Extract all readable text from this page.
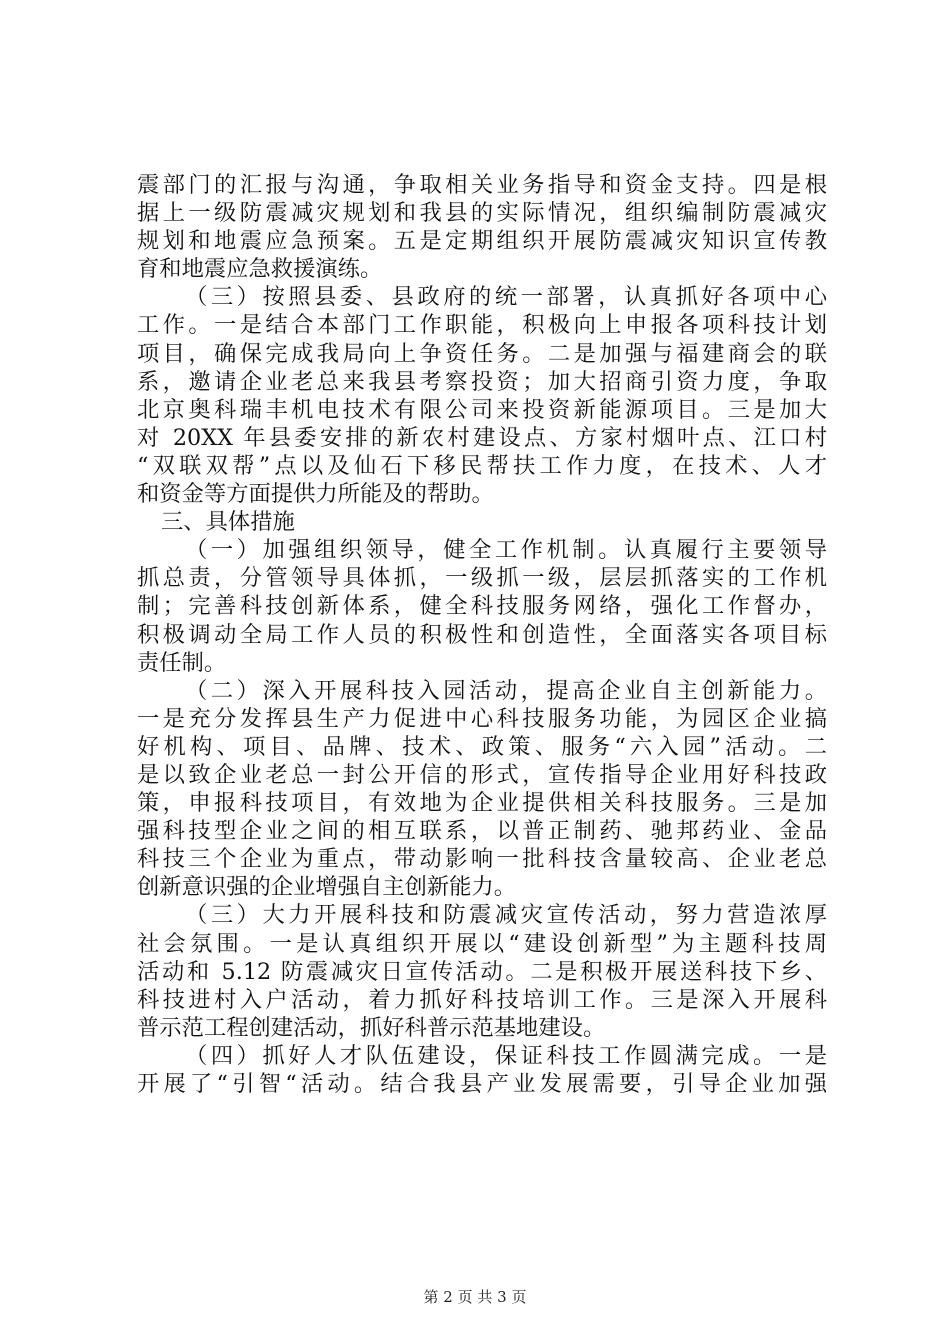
震部门的汇报与沟通，争取相关业务指导和资金支持。四是根
据上一级防震减灾规划和我县的实际情况，组织编制防震减灾
规划和地震应急预案。五是定期组织开展防震减灾知识宣传教
育和地震应急救援演练。
（三）按照县委、县政府的统一部署，认真抓好各项中心
工作。一是结合本部门工作职能，积极向上申报各项科技计划
项目，确保完成我局向上争资任务。二是加强与福建商会的联
系，邀请企业老总来我县考察投资；加大招商引资力度，争取
北京奥科瑞丰机电技术有限公司来投资新能源项目。三是加大
对 20XX 年县委安排的新农村建设点、方家村烟叶点、江口村
“双联双帮”点以及仙石下移民帮扶工作力度，在技术、人才
和资金等方面提供力所能及的帮助。
三、具体措施
（一）加强组织领导，健全工作机制。认真履行主要领导
抓总责，分管领导具体抓，一级抓一级，层层抓落实的工作机
制；完善科技创新体系，健全科技服务网络，强化工作督办，
积极调动全局工作人员的积极性和创造性，全面落实各项目标
责任制。
（二）深入开展科技入园活动，提高企业自主创新能力。
一是充分发挥县生产力促进中心科技服务功能，为园区企业搞
好机构、项目、品牌、技术、政策、服务“六入园”活动。二
是以致企业老总一封公开信的形式，宣传指导企业用好科技政
策，申报科技项目，有效地为企业提供相关科技服务。三是加
强科技型企业之间的相互联系，以普正制药、驰邦药业、金品
科技三个企业为重点，带动影响一批科技含量较高、企业老总
创新意识强的企业增强自主创新能力。
（三）大力开展科技和防震减灾宣传活动，努力营造浓厚
社会氛围。一是认真组织开展以“建设创新型”为主题科技周
活动和 5.12 防震减灾日宣传活动。二是积极开展送科技下乡、
科技进村入户活动，着力抓好科技培训工作。三是深入开展科
普示范工程创建活动，抓好科普示范基地建设。
（四）抓好人才队伍建设，保证科技工作圆满完成。一是
开展了“引智“活动。结合我县产业发展需要，引导企业加强
第 2 页 共 3 页
